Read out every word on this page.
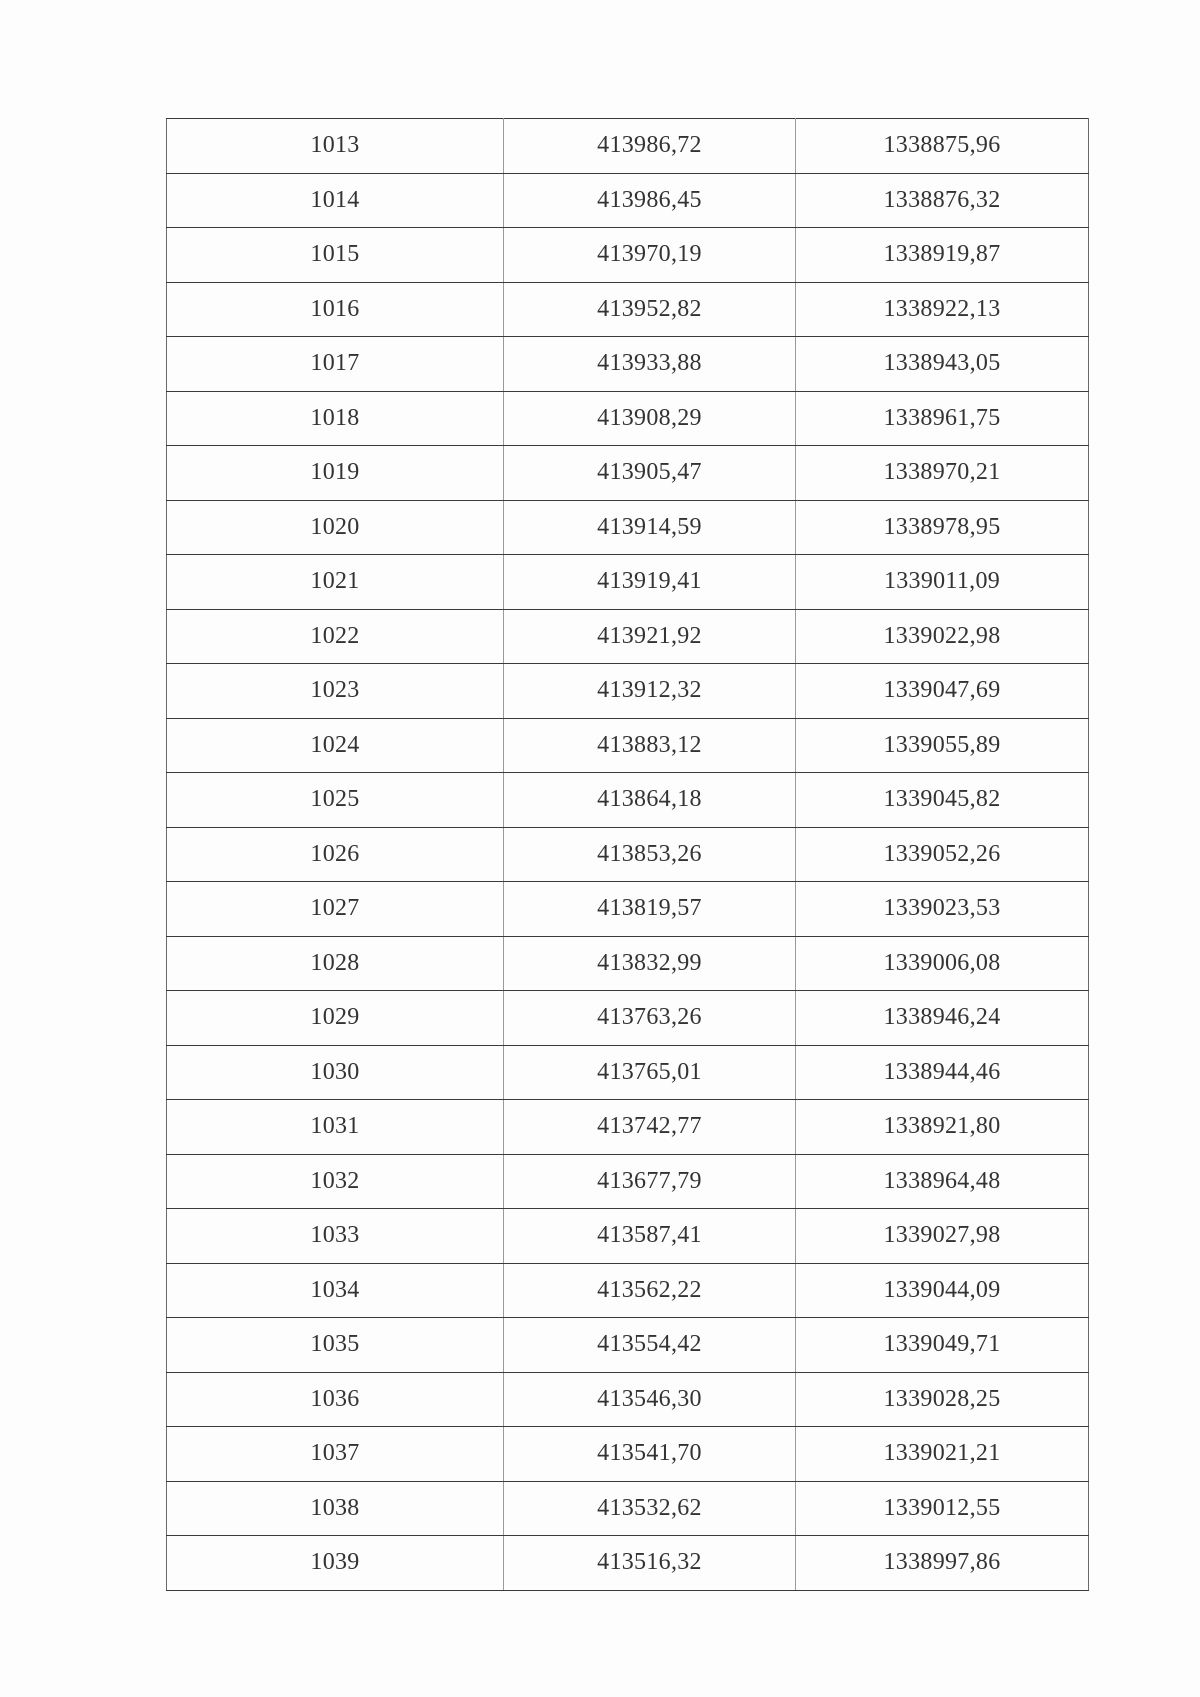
1013	413986,72	1338875,96
1014	413986,45	1338876,32
1015	413970,19	1338919,87
1016	413952,82	1338922,13
1017	413933,88	1338943,05
1018	413908,29	1338961,75
1019	413905,47	1338970,21
1020	413914,59	1338978,95
1021	413919,41	1339011,09
1022	413921,92	1339022,98
1023	413912,32	1339047,69
1024	413883,12	1339055,89
1025	413864,18	1339045,82
1026	413853,26	1339052,26
1027	413819,57	1339023,53
1028	413832,99	1339006,08
1029	413763,26	1338946,24
1030	413765,01	1338944,46
1031	413742,77	1338921,80
1032	413677,79	1338964,48
1033	413587,41	1339027,98
1034	413562,22	1339044,09
1035	413554,42	1339049,71
1036	413546,30	1339028,25
1037	413541,70	1339021,21
1038	413532,62	1339012,55
1039	413516,32	1338997,86
